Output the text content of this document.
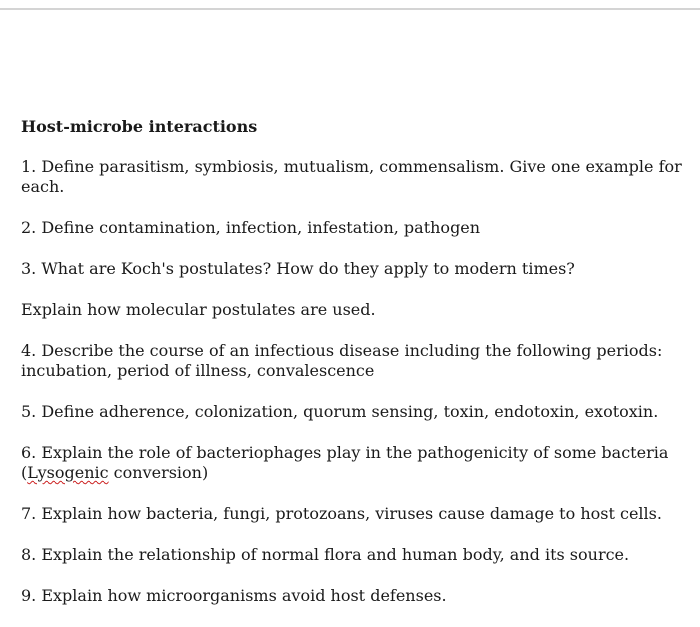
Host-microbe interactions
1. Define parasitism, symbiosis, mutualism, commensalism. Give one example for each.
2. Define contamination, infection, infestation, pathogen
3. What are Koch's postulates? How do they apply to modern times?
Explain how molecular postulates are used.
4. Describe the course of an infectious disease including the following periods:
incubation, period of illness, convalescence
5. Define adherence, colonization, quorum sensing, toxin, endotoxin, exotoxin.
6. Explain the role of bacteriophages play in the pathogenicity of some bacteria
(Lysogenic conversion)
7. Explain how bacteria, fungi, protozoans, viruses cause damage to host cells.
8. Explain the relationship of normal flora and human body, and its source.
9. Explain how microorganisms avoid host defenses.
